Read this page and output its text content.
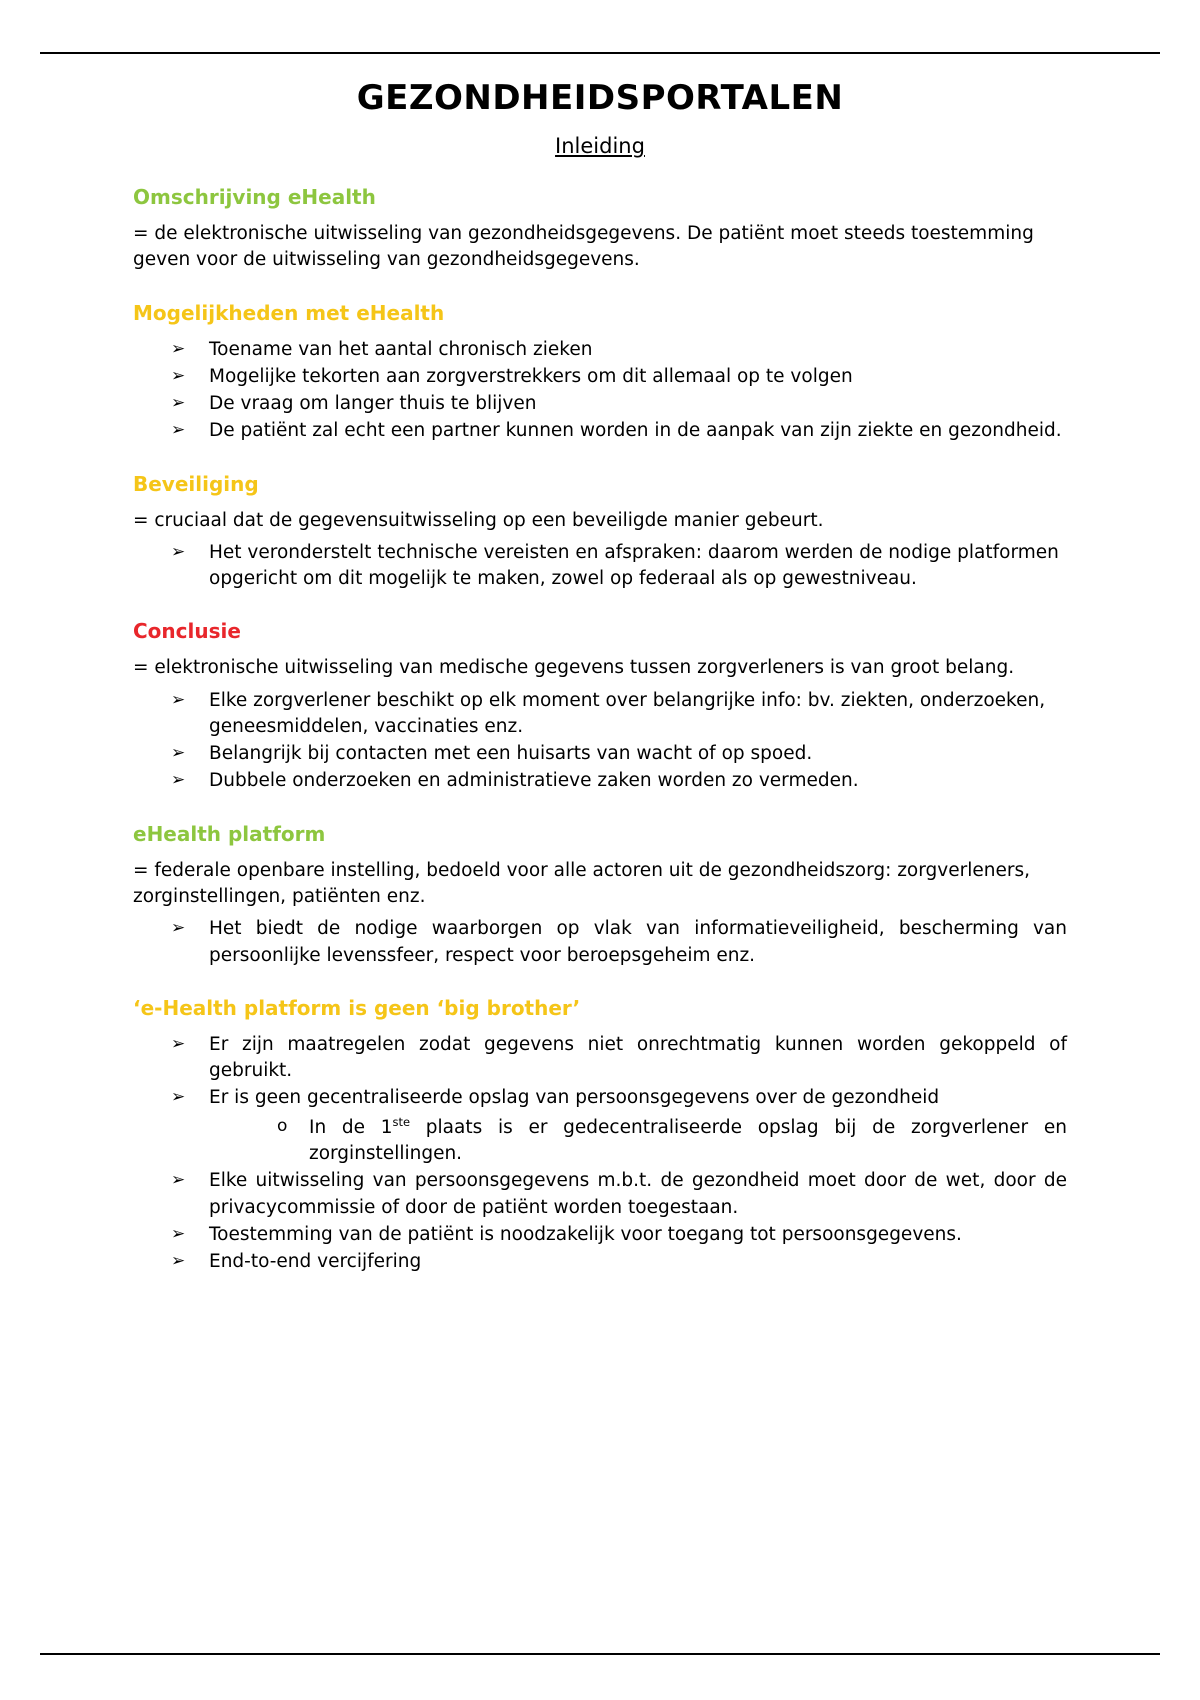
GEZONDHEIDSPORTALEN
Inleiding
Omschrijving eHealth

= de elektronische uitwisseling van gezondheidsgegevens. De patiënt moet steeds toestemming geven voor de uitwisseling van gezondheidsgegevens.

Mogelijkheden met eHealth
➢ Toename van het aantal chronisch zieken
➢ Mogelijke tekorten aan zorgverstrekkers om dit allemaal op te volgen
➢ De vraag om langer thuis te blijven
➢ De patiënt zal echt een partner kunnen worden in de aanpak van zijn ziekte en gezondheid.
Beveiliging

= cruciaal dat de gegevensuitwisseling op een beveiligde manier gebeurt.

➢ Het veronderstelt technische vereisten en afspraken: daarom werden de nodige platformen opgericht om dit mogelijk te maken, zowel op federaal als op gewestniveau.
Conclusie

= elektronische uitwisseling van medische gegevens tussen zorgverleners is van groot belang.

➢ Elke zorgverlener beschikt op elk moment over belangrijke info: bv. ziekten, onderzoeken, geneesmiddelen, vaccinaties enz.
➢ Belangrijk bij contacten met een huisarts van wacht of op spoed.
➢ Dubbele onderzoeken en administratieve zaken worden zo vermeden.
eHealth platform

= federale openbare instelling, bedoeld voor alle actoren uit de gezondheidszorg: zorgverleners, zorginstellingen, patiënten enz.

➢ Het biedt de nodige waarborgen op vlak van informatieveiligheid, bescherming van persoonlijke levenssfeer, respect voor beroepsgeheim enz.
‘e-Health platform is geen ‘big brother’
➢ Er zijn maatregelen zodat gegevens niet onrechtmatig kunnen worden gekoppeld of gebruikt.
➢ Er is geen gecentraliseerde opslag van persoonsgegevens over de gezondheid
o In de 1ste plaats is er gedecentraliseerde opslag bij de zorgverlener en zorginstellingen.
➢ Elke uitwisseling van persoonsgegevens m.b.t. de gezondheid moet door de wet, door de privacycommissie of door de patiënt worden toegestaan.
➢ Toestemming van de patiënt is noodzakelijk voor toegang tot persoonsgegevens.
➢ End-to-end vercijfering
